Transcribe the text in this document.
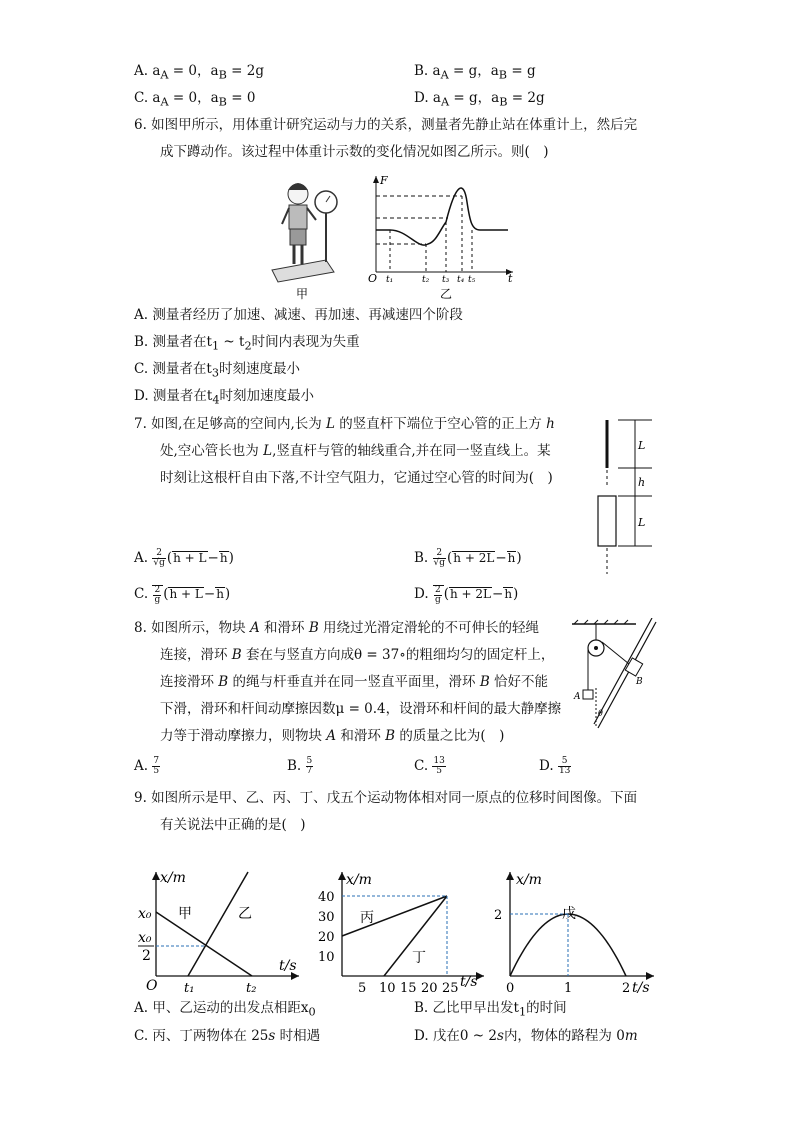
A. $a_A = 0$，$a_B = 2g$	B. $a_A = g$，$a_B = g$
C. $a_A = 0$，$a_B = 0$	D. $a_A = g$，$a_B = 2g$
6. 如图甲所示，用体重计研究运动与力的关系，测量者先静止站在体重计上，然后完
成下蹲动作。该过程中体重计示数的变化情况如图乙所示。则(　)
甲
F
O	t
t₁	t₂ t₃ t₄ t₅
乙
A. 测量者经历了加速、减速、再加速、再减速四个阶段
B. 测量者在$t_1$ ~ $t_2$时间内表现为失重
C. 测量者在$t_3$时刻速度最小
D. 测量者在$t_4$时刻加速度最小
7. 如图,在足够高的空间内,长为 L 的竖直杆下端位于空心管的正上方 h
处,空心管长也为 L,竖直杆与管的轴线重合,并在同一竖直线上。某
时刻让这根杆自由下落,不计空气阻力，它通过空心管的时间为(　)
L
h
L
A. $\frac{2}{√g} (h + L-h)$	B. $\frac{2}{√g} (h + 2L-h)$
C. $\frac{2}{g} (h + L-h)$	D. $\frac{2}{g} (h + 2L-h)$
8. 如图所示，物块 A 和滑环 B 用绕过光滑定滑轮的不可伸长的轻绳
连接，滑环 B 套在与竖直方向成θ = 37∘的粗细均匀的固定杆上，
连接滑环 B 的绳与杆垂直并在同一竖直平面里，滑环 B 恰好不能
下滑，滑环和杆间动摩擦因数μ = 0.4，设滑环和杆间的最大静摩擦
力等于滑动摩擦力，则物块 A 和滑环 B 的质量之比为(　)
A
B
θ
A. $\frac{7}{5}$	B. $\frac{5}{7}$	C. $\frac{13}{5}$	D. $\frac{5}{13}$
9. 如图所示是甲、乙、丙、丁、戊五个运动物体相对同一原点的位移时间图像。下面
有关说法中正确的是(　)
x/m
t/s
O
x₀
x₀
2
甲	乙
t₁	t₂
x/m
t/s
5 10 15 20 25
10
20
30
40
丙
丁
x/m
t/s
0	1	2
2	戊
A. 甲、乙运动的出发点相距$x_0$	B. 乙比甲早出发$t_1$的时间
C. 丙、丁两物体在 25s 时相遇	D. 戊在0 ~ 2s内，物体的路程为 0m
